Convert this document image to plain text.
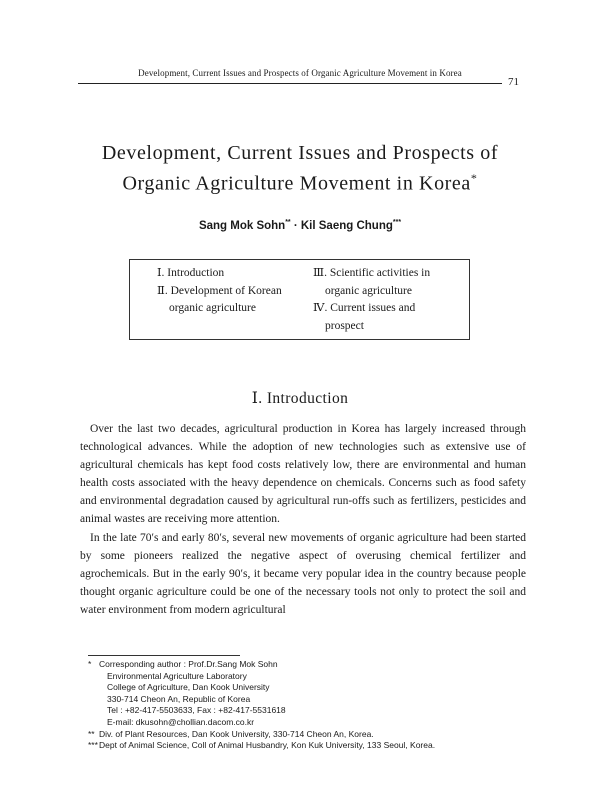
Development, Current Issues and Prospects of Organic Agriculture Movement in Korea
71
Development, Current Issues and Prospects of
Organic Agriculture Movement in Korea*
Sang Mok Sohn** · Kil Saeng Chung***
Ⅰ. Introduction
Ⅱ. Development of Korean
organic agriculture
Ⅲ. Scientific activities in
organic agriculture
Ⅳ. Current issues and
prospect
Ⅰ. Introduction

Over the last two decades, agricultural production in Korea has largely increased through technological advances. While the adoption of new technologies such as extensive use of agricultural chemicals has kept food costs relatively low, there are environmental and human health costs associated with the heavy dependence on chemicals. Concerns such as food safety and environmental degradation caused by agricultural run-offs such as fertilizers, pesticides and animal wastes are receiving more attention.

In the late 70′s and early 80′s, several new movements of organic agriculture had been started by some pioneers realized the negative aspect of overusing chemical fertilizer and agrochemicals. But in the early 90′s, it became very popular idea in the country because people thought organic agriculture could be one of the necessary tools not only to protect the soil and water environment from modern agricultural

* Corresponding author : Prof.Dr.Sang Mok Sohn
Environmental Agriculture Laboratory
College of Agriculture, Dan Kook University
330-714 Cheon An, Republic of Korea
Tel : +82-417-5503633, Fax : +82-417-5531618
E-mail: dkusohn@chollian.dacom.co.kr
** Div. of Plant Resources, Dan Kook University, 330-714 Cheon An, Korea.
***Dept of Animal Science, Coll of Animal Husbandry, Kon Kuk University, 133 Seoul, Korea.
